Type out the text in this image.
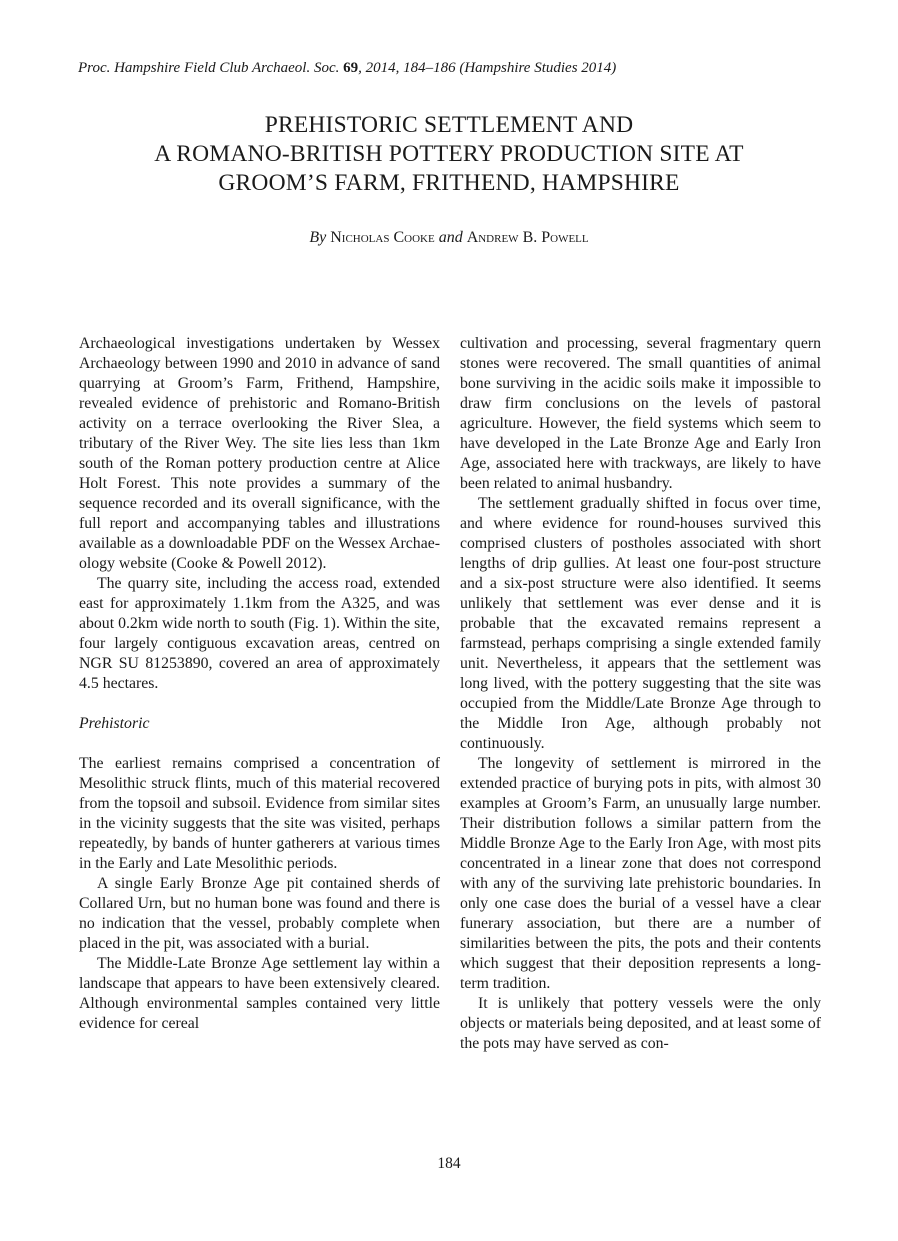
Proc. Hampshire Field Club Archaeol. Soc. 69, 2014, 184–186 (Hampshire Studies 2014)
PREHISTORIC SETTLEMENT AND
A ROMANO-BRITISH POTTERY PRODUCTION SITE AT
GROOM’S FARM, FRITHEND, HAMPSHIRE
By Nicholas Cooke and Andrew B. Powell

Archaeological investigations undertaken by Wessex Archaeology between 1990 and 2010 in advance of sand quarrying at Groom’s Farm, Frithend, Hampshire, revealed evidence of prehistoric and Romano-British activity on a terrace overlooking the River Slea, a tributary of the River Wey. The site lies less than 1km south of the Roman pottery production centre at Alice Holt Forest. This note provides a summary of the sequence recorded and its overall significance, with the full report and accompanying tables and illustrations available as a downloadable PDF on the Wessex Archaeology website (Cooke & Powell 2012).

The quarry site, including the access road, extended east for approximately 1.1km from the A325, and was about 0.2km wide north to south (Fig. 1). Within the site, four largely contiguous excavation areas, centred on NGR SU 81253890, covered an area of approximately 4.5 hectares.

Prehistoric

The earliest remains comprised a concentration of Mesolithic struck flints, much of this material recovered from the topsoil and subsoil. Evidence from similar sites in the vicinity suggests that the site was visited, perhaps repeatedly, by bands of hunter gatherers at various times in the Early and Late Mesolithic periods.

A single Early Bronze Age pit contained sherds of Collared Urn, but no human bone was found and there is no indication that the vessel, probably complete when placed in the pit, was associated with a burial.

The Middle-Late Bronze Age settlement lay within a landscape that appears to have been extensively cleared. Although environmental samples contained very little evidence for cereal

cultivation and processing, several fragmentary quern stones were recovered. The small quantities of animal bone surviving in the acidic soils make it impossible to draw firm conclusions on the levels of pastoral agriculture. However, the field systems which seem to have developed in the Late Bronze Age and Early Iron Age, associated here with trackways, are likely to have been related to animal husbandry.

The settlement gradually shifted in focus over time, and where evidence for round-houses survived this comprised clusters of postholes associated with short lengths of drip gullies. At least one four-post structure and a six-post structure were also identified. It seems unlikely that settlement was ever dense and it is probable that the excavated remains represent a farmstead, perhaps comprising a single extended family unit. Nevertheless, it appears that the settlement was long lived, with the pottery suggesting that the site was occupied from the Middle/Late Bronze Age through to the Middle Iron Age, although probably not continuously.

The longevity of settlement is mirrored in the extended practice of burying pots in pits, with almost 30 examples at Groom’s Farm, an unusually large number. Their distribution follows a similar pattern from the Middle Bronze Age to the Early Iron Age, with most pits concentrated in a linear zone that does not correspond with any of the surviving late prehistoric boundaries. In only one case does the burial of a vessel have a clear funerary association, but there are a number of similarities between the pits, the pots and their contents which suggest that their deposition represents a long-term tradition.

It is unlikely that pottery vessels were the only objects or materials being deposited, and at least some of the pots may have served as con-

184
